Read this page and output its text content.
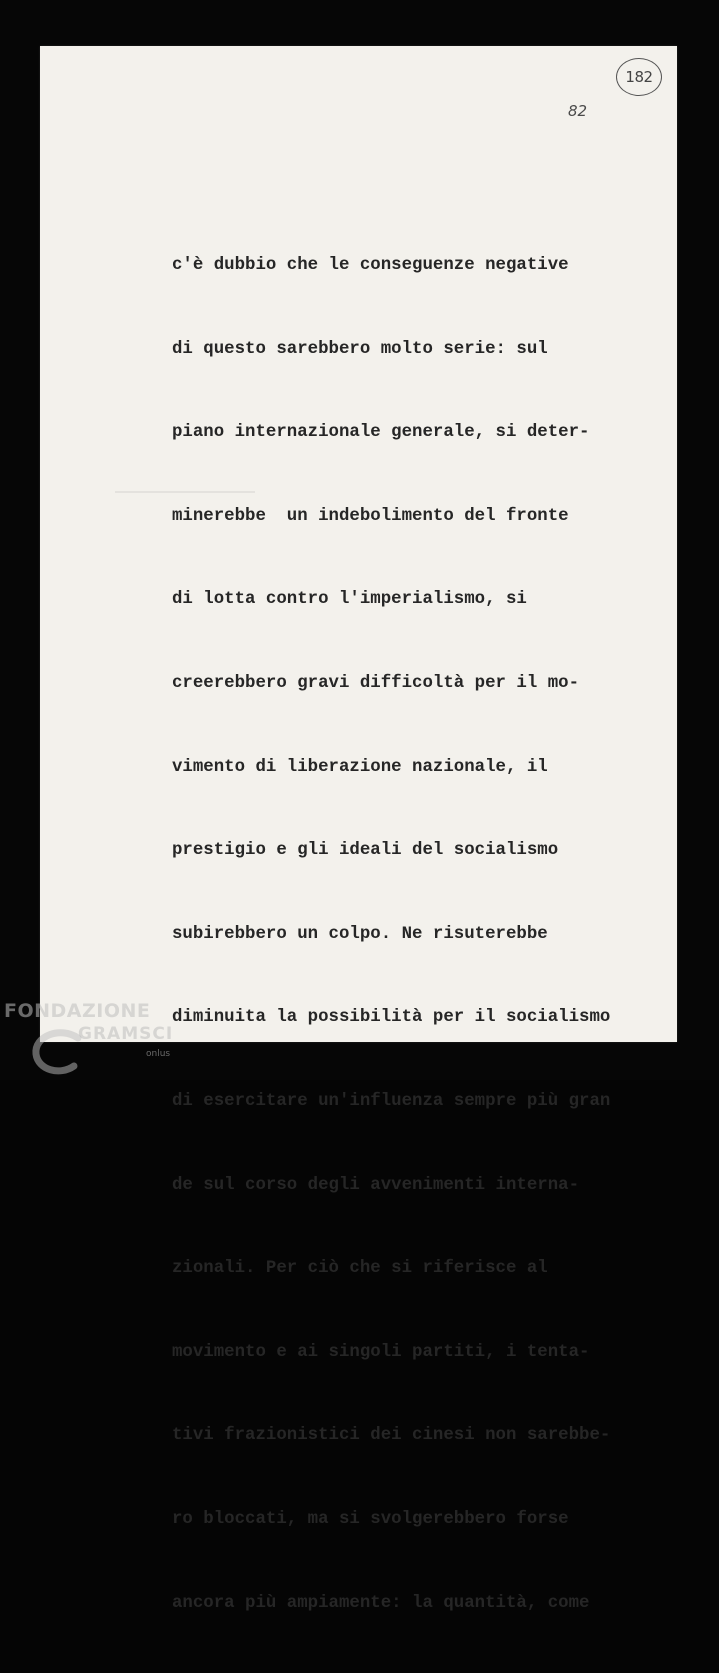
182
82

c'è dubbio che le conseguenze negative

di questo sarebbero molto serie: sul

piano internazionale generale, si deter-

minerebbe  un indebolimento del fronte

di lotta contro l'imperialismo, si

creerebbero gravi difficoltà per il mo-

vimento di liberazione nazionale, il

prestigio e gli ideali del socialismo

subirebbero un colpo. Ne risuterebbe

diminuita la possibilità per il socialismo

di esercitare un'influenza sempre più gran

de sul corso degli avvenimenti interna-

zionali. Per ciò che si riferisce al

movimento e ai singoli partiti, i tenta-

tivi frazionistici dei cinesi non sarebbe-

ro bloccati, ma si svolgerebbero forse

ancora più ampiamente: la quantità, come

FONDAZIONE
GRAMSCI
onlus
